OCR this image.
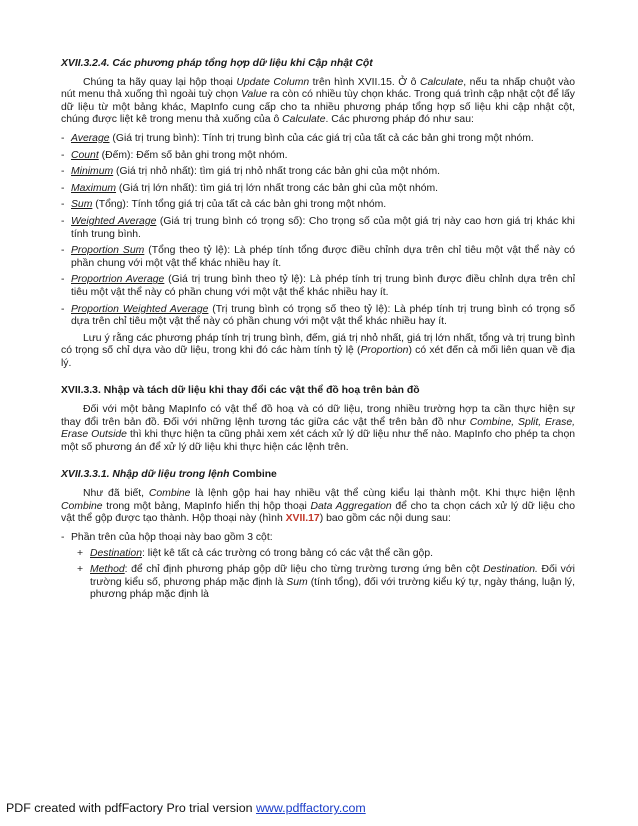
XVII.3.2.4. Các phương pháp tổng hợp dữ liệu khi Cập nhật Cột

Chúng ta hãy quay lại hộp thoại Update Column trên hình XVII.15. Ở ô Calculate, nếu ta nhấp chuột vào nút menu thả xuống thì ngoài tuỳ chọn Value ra còn có nhiều tùy chọn khác. Trong quá trình cập nhật cột để lấy dữ liệu từ một bảng khác, MapInfo cung cấp cho ta nhiều phương pháp tổng hợp số liệu khi cập nhật cột, chúng được liệt kê trong menu thả xuống của ô Calculate. Các phương pháp đó như sau:

- Average (Giá trị trung bình): Tính trị trung bình của các giá trị của tất cả các bản ghi trong một nhóm.
- Count (Đếm): Đếm số bản ghi trong một nhóm.
- Minimum (Giá trị nhỏ nhất): tìm giá trị nhỏ nhất trong các bản ghi của một nhóm.
- Maximum (Giá trị lớn nhất): tìm giá trị lớn nhất trong các bản ghi của một nhóm.
- Sum (Tổng): Tính tổng giá trị của tất cả các bản ghi trong một nhóm.
- Weighted Average (Giá trị trung bình có trọng số): Cho trọng số của một giá trị này cao hơn giá trị khác khi tính trung bình.
- Proportion Sum (Tổng theo tỷ lệ): Là phép tính tổng được điều chỉnh dựa trên chỉ tiêu một vật thể này có phần chung với một vật thể khác nhiều hay ít.
- Proportrion Average (Giá trị trung bình theo tỷ lệ): Là phép tính trị trung bình được điều chỉnh dựa trên chỉ tiêu một vật thể này có phần chung với một vật thể khác nhiều hay ít.
- Proportion Weighted Average (Trị trung bình có trọng số theo tỷ lệ): Là phép tính trị trung bình có trọng số dựa trên chỉ tiêu một vật thể này có phần chung với một vật thể khác nhiều hay ít.

Lưu ý rằng các phương pháp tính trị trung bình, đếm, giá trị nhỏ nhất, giá trị lớn nhất, tổng và trị trung bình có trọng số chỉ dựa vào dữ liệu, trong khi đó các hàm tính tỷ lệ (Proportion) có xét đến cả mối liên quan về địa lý.

XVII.3.3. Nhập và tách dữ liệu khi thay đổi các vật thể đồ hoạ trên bản đồ

Đối với một bảng MapInfo có vật thể đồ hoạ và có dữ liệu, trong nhiều trường hợp ta cần thực hiện sự thay đổi trên bản đồ. Đối với những lệnh tương tác giữa các vật thể trên bản đồ như Combine, Split, Erase, Erase Outside thì khi thực hiện ta cũng phải xem xét cách xử lý dữ liệu như thế nào. MapInfo cho phép ta chọn một số phương án để xử lý dữ liệu khi thực hiện các lệnh trên.

XVII.3.3.1. Nhập dữ liệu trong lệnh Combine

Như đã biết, Combine là lệnh gộp hai hay nhiều vật thể cùng kiểu lại thành một. Khi thực hiện lệnh Combine trong một bảng, MapInfo hiển thị hộp thoại Data Aggregation để cho ta chọn cách xử lý dữ liệu cho vật thể gộp được tạo thành. Hộp thoại này (hình XVII.17) bao gồm các nội dung sau:

- Phần trên của hộp thoại này bao gồm 3 cột:
+ Destination: liệt kê tất cả các trường có trong bảng có các vật thể cần gộp.
+ Method: để chỉ định phương pháp gộp dữ liệu cho từng trường tương ứng bên cột Destination. Đối với trường kiểu số, phương pháp mặc định là Sum (tính tổng), đối với trường kiểu ký tự, ngày tháng, luận lý, phương pháp mặc định là
PDF created with pdfFactory Pro trial version www.pdffactory.com
